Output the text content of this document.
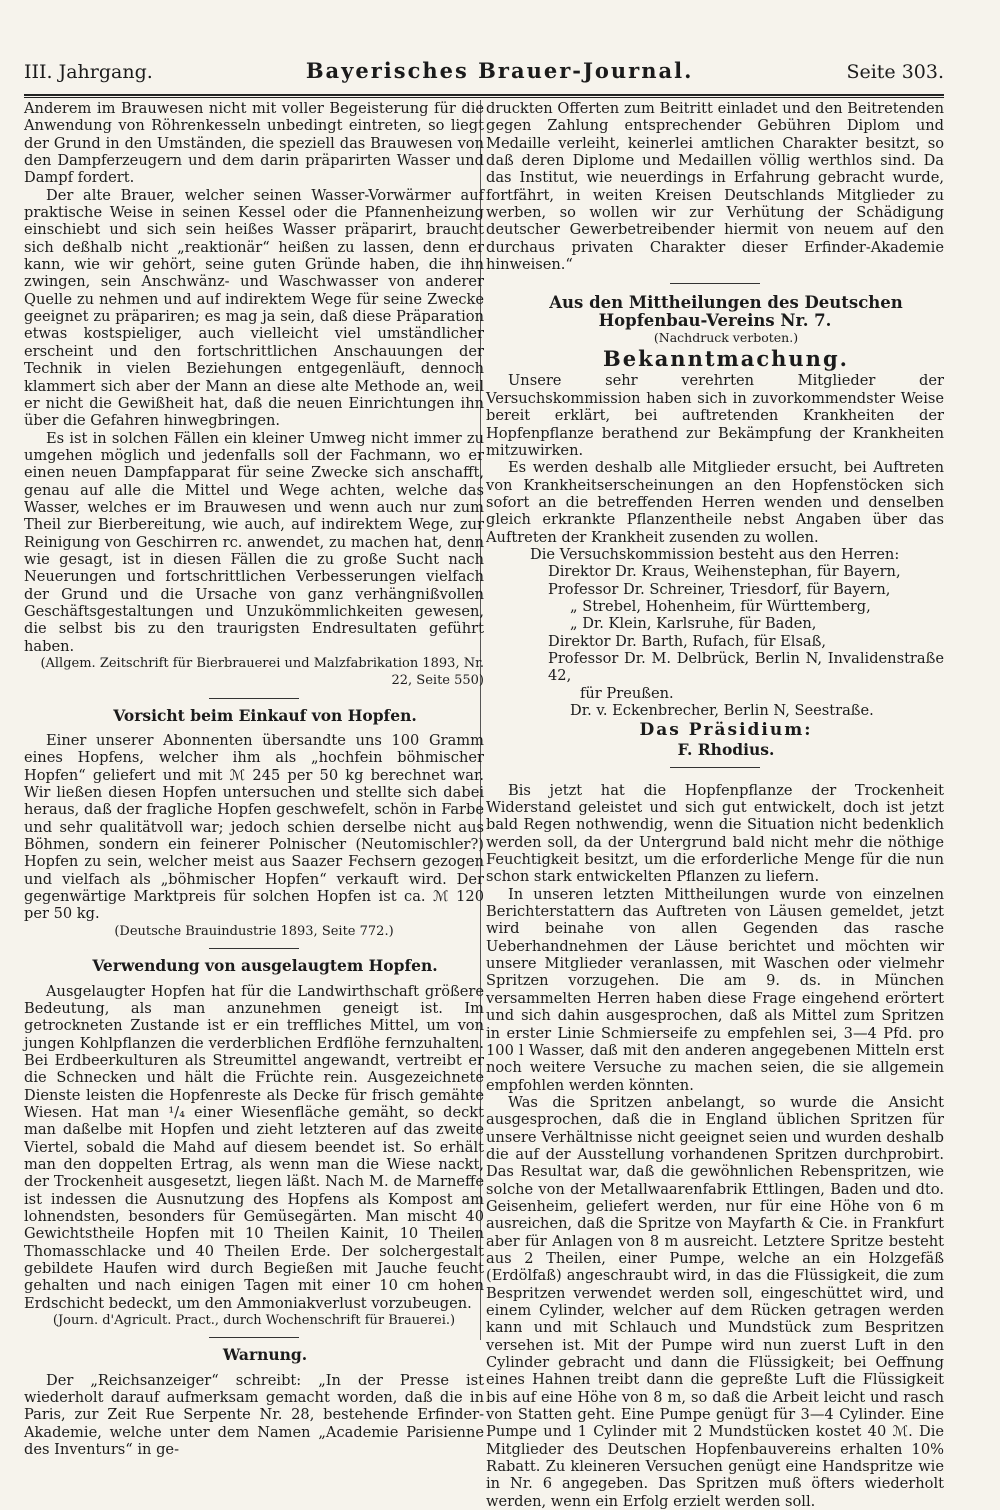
III. Jahrgang.	Bayerisches Brauer-Journal.	Seite 303.

Anderem im Brauwesen nicht mit voller Begeisterung für die Anwendung von Röhrenkesseln unbedingt eintreten, so liegt der Grund in den Umständen, die speziell das Brauwesen von den Dampferzeugern und dem darin präparirten Wasser und Dampf fordert.

Der alte Brauer, welcher seinen Wasser-Vorwärmer auf praktische Weise in seinen Kessel oder die Pfannenheizung einschiebt und sich sein heißes Wasser präparirt, braucht sich deßhalb nicht „reaktionär“ heißen zu lassen, denn er kann, wie wir gehört, seine guten Gründe haben, die ihn zwingen, sein Anschwänz- und Waschwasser von anderer Quelle zu nehmen und auf indirektem Wege für seine Zwecke geeignet zu präpariren; es mag ja sein, daß diese Präparation etwas kostspieliger, auch vielleicht viel umständlicher erscheint und den fortschrittlichen Anschauungen der Technik in vielen Beziehungen entgegenläuft, dennoch klammert sich aber der Mann an diese alte Methode an, weil er nicht die Gewißheit hat, daß die neuen Einrichtungen ihn über die Gefahren hinwegbringen.

Es ist in solchen Fällen ein kleiner Umweg nicht immer zu umgehen möglich und jedenfalls soll der Fachmann, wo er einen neuen Dampfapparat für seine Zwecke sich anschafft, genau auf alle die Mittel und Wege achten, welche das Wasser, welches er im Brauwesen und wenn auch nur zum Theil zur Bierbereitung, wie auch, auf indirektem Wege, zur Reinigung von Geschirren rc. anwendet, zu machen hat, denn wie gesagt, ist in diesen Fällen die zu große Sucht nach Neuerungen und fortschrittlichen Verbesserungen vielfach der Grund und die Ursache von ganz verhängnißvollen Geschäftsgestaltungen und Unzukömmlichkeiten gewesen, die selbst bis zu den traurigsten Endresultaten geführt haben.

(Allgem. Zeitschrift für Bierbrauerei und Malzfabrikation 1893, Nr. 22, Seite 550)

Vorsicht beim Einkauf von Hopfen.

Einer unserer Abonnenten übersandte uns 100 Gramm eines Hopfens, welcher ihm als „hochfein böhmischer Hopfen“ geliefert und mit ℳ 245 per 50 kg berechnet war. Wir ließen diesen Hopfen untersuchen und stellte sich dabei heraus, daß der fragliche Hopfen geschwefelt, schön in Farbe und sehr qualitätvoll war; jedoch schien derselbe nicht aus Böhmen, sondern ein feinerer Polnischer (Neutomischler?) Hopfen zu sein, welcher meist aus Saazer Fechsern gezogen und vielfach als „böhmischer Hopfen“ verkauft wird. Der gegenwärtige Marktpreis für solchen Hopfen ist ca. ℳ 120 per 50 kg.

(Deutsche Brauindustrie 1893, Seite 772.)

Verwendung von ausgelaugtem Hopfen.

Ausgelaugter Hopfen hat für die Landwirthschaft größere Bedeutung, als man anzunehmen geneigt ist. Im getrockneten Zustande ist er ein treffliches Mittel, um von jungen Kohlpflanzen die verderblichen Erdflöhe fernzuhalten. Bei Erdbeerkulturen als Streumittel angewandt, vertreibt er die Schnecken und hält die Früchte rein. Ausgezeichnete Dienste leisten die Hopfenreste als Decke für frisch gemähte Wiesen. Hat man ¹/₄ einer Wiesenfläche gemäht, so deckt man daßelbe mit Hopfen und zieht letzteren auf das zweite Viertel, sobald die Mahd auf diesem beendet ist. So erhält man den doppelten Ertrag, als wenn man die Wiese nackt, der Trockenheit ausgesetzt, liegen läßt. Nach M. de Marneffe ist indessen die Ausnutzung des Hopfens als Kompost am lohnendsten, besonders für Gemüsegärten. Man mischt 40 Gewichtstheile Hopfen mit 10 Theilen Kainit, 10 Theilen Thomasschlacke und 40 Theilen Erde. Der solchergestalt gebildete Haufen wird durch Begießen mit Jauche feucht gehalten und nach einigen Tagen mit einer 10 cm hohen Erdschicht bedeckt, um den Ammoniakverlust vorzubeugen.

(Journ. d'Agricult. Pract., durch Wochenschrift für Brauerei.)

Warnung.

Der „Reichsanzeiger“ schreibt: „In der Presse ist wiederholt darauf aufmerksam gemacht worden, daß die in Paris, zur Zeit Rue Serpente Nr. 28, bestehende Erfinder-Akademie, welche unter dem Namen „Academie Parisienne des Inventurs“ in ge-

druckten Offerten zum Beitritt einladet und den Beitretenden gegen Zahlung entsprechender Gebühren Diplom und Medaille verleiht, keinerlei amtlichen Charakter besitzt, so daß deren Diplome und Medaillen völlig werthlos sind. Da das Institut, wie neuerdings in Erfahrung gebracht wurde, fortfährt, in weiten Kreisen Deutschlands Mitglieder zu werben, so wollen wir zur Verhütung der Schädigung deutscher Gewerbetreibender hiermit von neuem auf den durchaus privaten Charakter dieser Erfinder-Akademie hinweisen.“

Aus den Mittheilungen des Deutschen Hopfenbau-Vereins Nr. 7.

(Nachdruck verboten.)

Bekanntmachung.

Unsere sehr verehrten Mitglieder der Versuchskommission haben sich in zuvorkommendster Weise bereit erklärt, bei auftretenden Krankheiten der Hopfenpflanze berathend zur Bekämpfung der Krankheiten mitzuwirken.

Es werden deshalb alle Mitglieder ersucht, bei Auftreten von Krankheitserscheinungen an den Hopfenstöcken sich sofort an die betreffenden Herren wenden und denselben gleich erkrankte Pflanzentheile nebst Angaben über das Auftreten der Krankheit zusenden zu wollen.

Die Versuchskommission besteht aus den Herren:

Direktor Dr. Kraus, Weihenstephan, für Bayern,
Professor Dr. Schreiner, Triesdorf, für Bayern,
„ Strebel, Hohenheim, für Württemberg,
„ Dr. Klein, Karlsruhe, für Baden,
Direktor Dr. Barth, Rufach, für Elsaß,
Professor Dr. M. Delbrück, Berlin N, Invalidenstraße 42,
für Preußen.
Dr. v. Eckenbrecher, Berlin N, Seestraße.

Das Präsidium:

F. Rhodius.

Bis jetzt hat die Hopfenpflanze der Trockenheit Widerstand geleistet und sich gut entwickelt, doch ist jetzt bald Regen nothwendig, wenn die Situation nicht bedenklich werden soll, da der Untergrund bald nicht mehr die nöthige Feuchtigkeit besitzt, um die erforderliche Menge für die nun schon stark entwickelten Pflanzen zu liefern.

In unseren letzten Mittheilungen wurde von einzelnen Berichterstattern das Auftreten von Läusen gemeldet, jetzt wird beinahe von allen Gegenden das rasche Ueberhandnehmen der Läuse berichtet und möchten wir unsere Mitglieder veranlassen, mit Waschen oder vielmehr Spritzen vorzugehen. Die am 9. ds. in München versammelten Herren haben diese Frage eingehend erörtert und sich dahin ausgesprochen, daß als Mittel zum Spritzen in erster Linie Schmierseife zu empfehlen sei, 3—4 Pfd. pro 100 l Wasser, daß mit den anderen angegebenen Mitteln erst noch weitere Versuche zu machen seien, die sie allgemein empfohlen werden könnten.

Was die Spritzen anbelangt, so wurde die Ansicht ausgesprochen, daß die in England üblichen Spritzen für unsere Verhältnisse nicht geeignet seien und wurden deshalb die auf der Ausstellung vorhandenen Spritzen durchprobirt. Das Resultat war, daß die gewöhnlichen Rebenspritzen, wie solche von der Metallwaarenfabrik Ettlingen, Baden und dto. Geisenheim, geliefert werden, nur für eine Höhe von 6 m ausreichen, daß die Spritze von Mayfarth & Cie. in Frankfurt aber für Anlagen von 8 m ausreicht. Letztere Spritze besteht aus 2 Theilen, einer Pumpe, welche an ein Holzgefäß (Erdölfaß) angeschraubt wird, in das die Flüssigkeit, die zum Bespritzen verwendet werden soll, eingeschüttet wird, und einem Cylinder, welcher auf dem Rücken getragen werden kann und mit Schlauch und Mundstück zum Bespritzen versehen ist. Mit der Pumpe wird nun zuerst Luft in den Cylinder gebracht und dann die Flüssigkeit; bei Oeffnung eines Hahnen treibt dann die gepreßte Luft die Flüssigkeit bis auf eine Höhe von 8 m, so daß die Arbeit leicht und rasch von Statten geht. Eine Pumpe genügt für 3—4 Cylinder. Eine Pumpe und 1 Cylinder mit 2 Mundstücken kostet 40 ℳ. Die Mitglieder des Deutschen Hopfenbauvereins erhalten 10% Rabatt. Zu kleineren Versuchen genügt eine Handspritze wie in Nr. 6 angegeben. Das Spritzen muß öfters wiederholt werden, wenn ein Erfolg erzielt werden soll.
